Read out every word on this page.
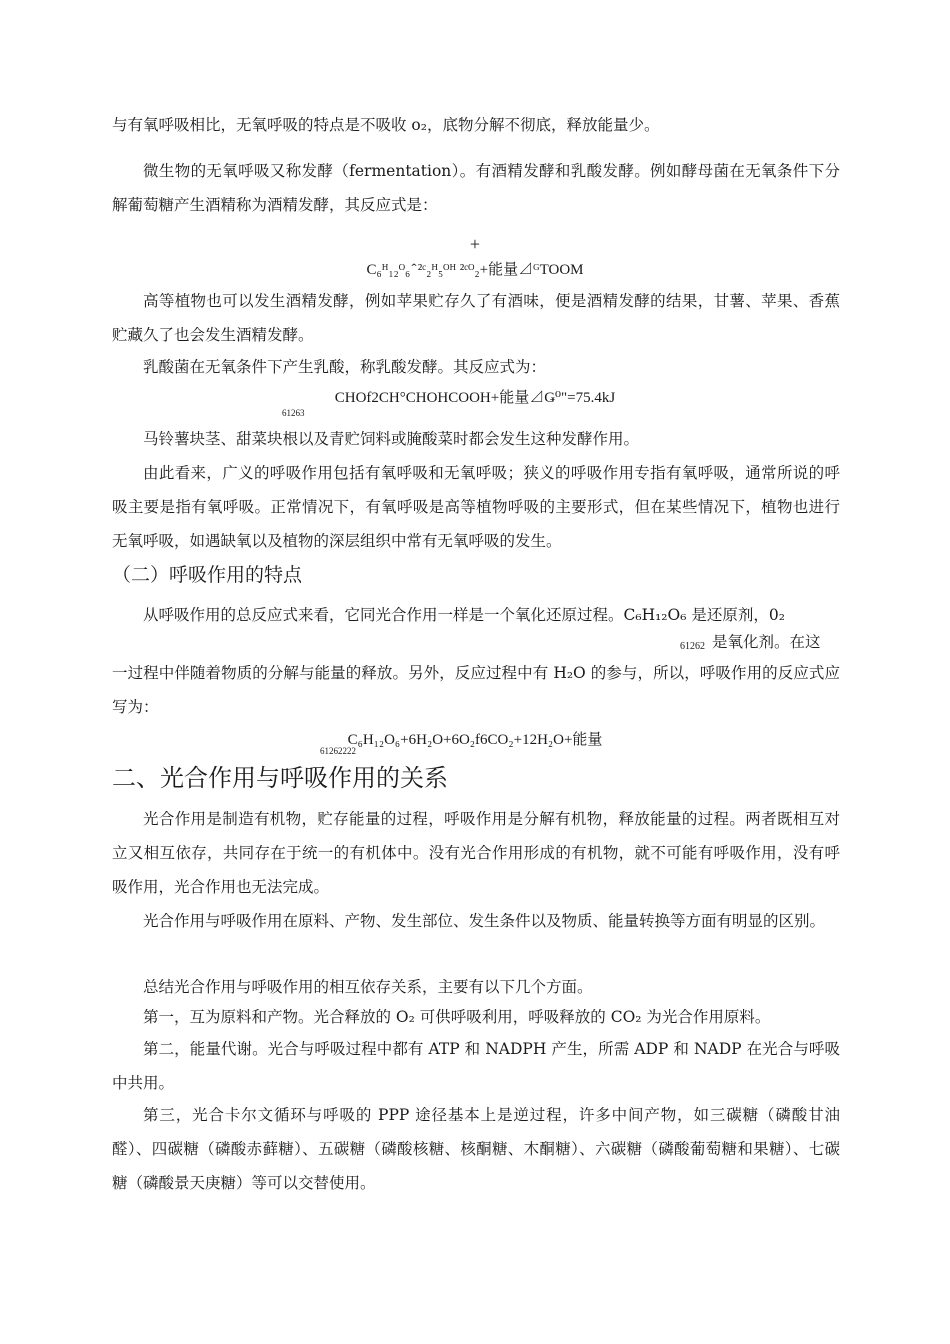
与有氧呼吸相比，无氧呼吸的特点是不吸收 o₂，底物分解不彻底，释放能量少。

微生物的无氧呼吸又称发酵（fermentation）。有酒精发酵和乳酸发酵。例如酵母菌在无氧条件下分解葡萄糖产生酒精称为酒精发酵，其反应式是：

+

C₆ᴴ₁₂ᴼ₆ ̂ ²ᶜ₂ᴴ₅ᴼᴴ ²ᶜᴼ₂+能量⊿ᴳTOOM

高等植物也可以发生酒精发酵，例如苹果贮存久了有酒味，便是酒精发酵的结果，甘薯、苹果、香蕉贮藏久了也会发生酒精发酵。

乳酸菌在无氧条件下产生乳酸，称乳酸发酵。其反应式为：

CHOf2CH°CHOHCOOH+能量⊿Ǥ⁰"=75.4kJ

61263

马铃薯块茎、甜菜块根以及青贮饲料或腌酸菜时都会发生这种发酵作用。

由此看来，广义的呼吸作用包括有氧呼吸和无氧呼吸；狭义的呼吸作用专指有氧呼吸，通常所说的呼吸主要是指有氧呼吸。正常情况下，有氧呼吸是高等植物呼吸的主要形式，但在某些情况下，植物也进行无氧呼吸，如遇缺氧以及植物的深层组织中常有无氧呼吸的发生。

（二）呼吸作用的特点

从呼吸作用的总反应式来看，它同光合作用一样是一个氧化还原过程。C₆H₁₂O₆ 是还原剂，0₂

61262 是氧化剂。在这

一过程中伴随着物质的分解与能量的释放。另外，反应过程中有 H₂O 的参与，所以，呼吸作用的反应式应写为：

C₆H₁₂O₆+6H₂O+6O₂f6CO₂+12H₂O+能量

61262222

二、光合作用与呼吸作用的关系

光合作用是制造有机物，贮存能量的过程，呼吸作用是分解有机物，释放能量的过程。两者既相互对立又相互依存，共同存在于统一的有机体中。没有光合作用形成的有机物，就不可能有呼吸作用，没有呼吸作用，光合作用也无法完成。

光合作用与呼吸作用在原料、产物、发生部位、发生条件以及物质、能量转换等方面有明显的区别。

总结光合作用与呼吸作用的相互依存关系，主要有以下几个方面。

第一，互为原料和产物。光合释放的 O₂ 可供呼吸利用，呼吸释放的 CO₂ 为光合作用原料。

第二，能量代谢。光合与呼吸过程中都有 ATP 和 NADPH 产生，所需 ADP 和 NADP 在光合与呼吸中共用。

第三，光合卡尔文循环与呼吸的 PPP 途径基本上是逆过程，许多中间产物，如三碳糖（磷酸甘油醛）、四碳糖（磷酸赤藓糖）、五碳糖（磷酸核糖、核酮糖、木酮糖）、六碳糖（磷酸葡萄糖和果糖）、七碳糖（磷酸景天庚糖）等可以交替使用。
